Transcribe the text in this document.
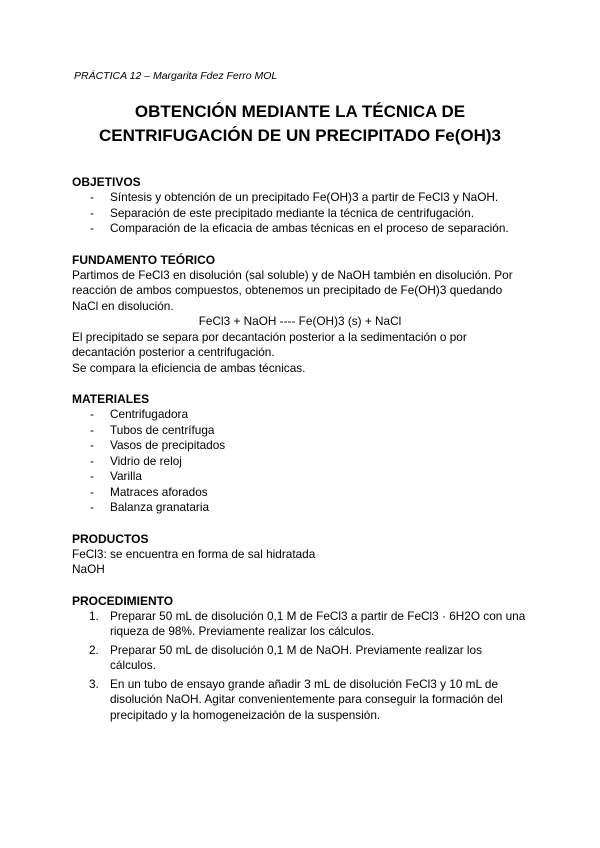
PRÁCTICA 12 – Margarita Fdez Ferro MOL
OBTENCIÓN MEDIANTE LA TÉCNICA DE
CENTRIFUGACIÓN DE UN PRECIPITADO Fe(OH)3
OBJETIVOS
- Síntesis y obtención de un precipitado Fe(OH)3 a partir de FeCl3 y NaOH.
- Separación de este precipitado mediante la técnica de centrifugación.
- Comparación de la eficacia de ambas técnicas en el proceso de separación.
FUNDAMENTO TEÓRICO
Partimos de FeCl3 en disolución (sal soluble) y de NaOH también en disolución. Por reacción de ambos compuestos, obtenemos un precipitado de Fe(OH)3 quedando NaCl en disolución.
FeCl3 + NaOH ---- Fe(OH)3 (s) + NaCl
El precipitado se separa por decantación posterior a la sedimentación o por decantación posterior a centrifugación.
Se compara la eficiencia de ambas técnicas.
MATERIALES
- Centrifugadora
- Tubos de centrífuga
- Vasos de precipitados
- Vidrio de reloj
- Varilla
- Matraces aforados
- Balanza granataria
PRODUCTOS
FeCl3: se encuentra en forma de sal hidratada
NaOH
PROCEDIMIENTO
1. Preparar 50 mL de disolución 0,1 M de FeCl3 a partir de FeCl3 · 6H2O con una riqueza de 98%. Previamente realizar los cálculos.
2. Preparar 50 mL de disolución 0,1 M de NaOH. Previamente realizar los cálculos.
3. En un tubo de ensayo grande añadir 3 mL de disolución FeCl3 y 10 mL de disolución NaOH. Agitar convenientemente para conseguir la formación del precipitado y la homogeneización de la suspensión.
